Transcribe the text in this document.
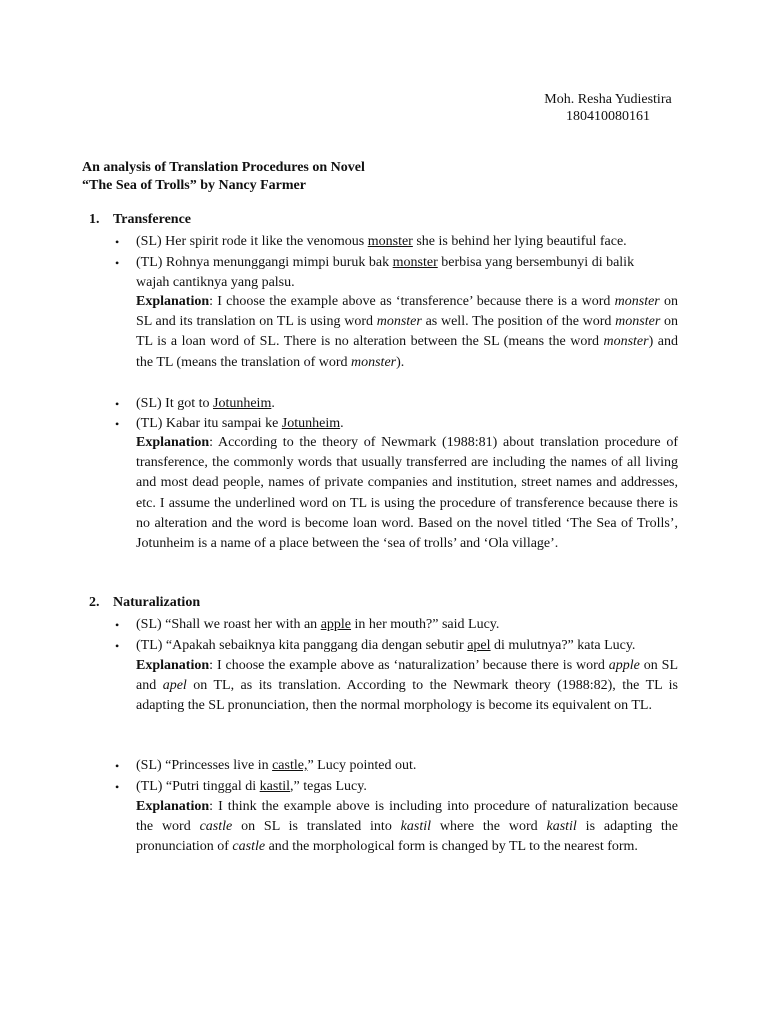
Moh. Resha Yudiestira
180410080161
An analysis of Translation Procedures on Novel
“The Sea of Trolls” by Nancy Farmer
1. Transference
• (SL) Her spirit rode it like the venomous monster she is behind her lying beautiful face.
• (TL) Rohnya menunggangi mimpi buruk bak monster berbisa yang bersembunyi di balik
wajah cantiknya yang palsu.
Explanation: I choose the example above as ‘transference’ because there is a word monster on SL and its translation on TL is using word monster as well. The position of the word monster on TL is a loan word of SL. There is no alteration between the SL (means the word monster) and the TL (means the translation of word monster).
• (SL) It got to Jotunheim.
• (TL) Kabar itu sampai ke Jotunheim.
Explanation: According to the theory of Newmark (1988:81) about translation procedure of transference, the commonly words that usually transferred are including the names of all living and most dead people, names of private companies and institution, street names and addresses, etc. I assume the underlined word on TL is using the procedure of transference because there is no alteration and the word is become loan word. Based on the novel titled ‘The Sea of Trolls’, Jotunheim is a name of a place between the ‘sea of trolls’ and ‘Ola village’.
2. Naturalization
• (SL) “Shall we roast her with an apple in her mouth?” said Lucy.
• (TL) “Apakah sebaiknya kita panggang dia dengan sebutir apel di mulutnya?” kata Lucy.
Explanation: I choose the example above as ‘naturalization’ because there is word apple on SL and apel on TL, as its translation. According to the Newmark theory (1988:82), the TL is adapting the SL pronunciation, then the normal morphology is become its equivalent on TL.
• (SL) “Princesses live in castle,” Lucy pointed out.
• (TL) “Putri tinggal di kastil,” tegas Lucy.
Explanation: I think the example above is including into procedure of naturalization because the word castle on SL is translated into kastil where the word kastil is adapting the pronunciation of castle and the morphological form is changed by TL to the nearest form.
